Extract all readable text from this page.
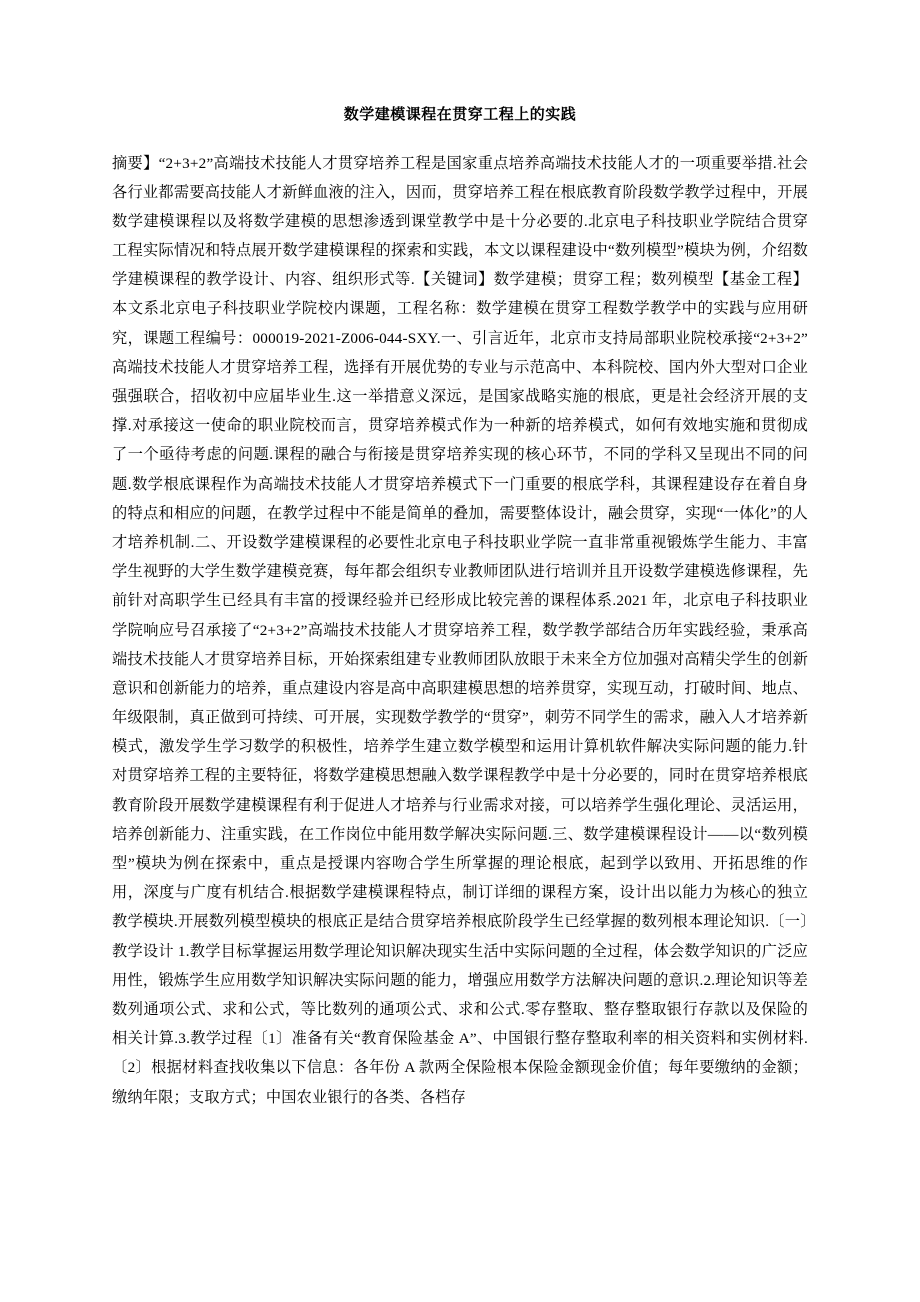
数学建模课程在贯穿工程上的实践

摘要】“2+3+2”高端技术技能人才贯穿培养工程是国家重点培养高端技术技能人才的一项重要举措.社会各行业都需要高技能人才新鲜血液的注入，因而，贯穿培养工程在根底教育阶段数学教学过程中，开展数学建模课程以及将数学建模的思想渗透到课堂教学中是十分必要的.北京电子科技职业学院结合贯穿工程实际情况和特点展开数学建模课程的探索和实践，本文以课程建设中“数列模型”模块为例，介绍数学建模课程的教学设计、内容、组织形式等.【关键词】数学建模；贯穿工程；数列模型【基金工程】本文系北京电子科技职业学院校内课题，工程名称：数学建模在贯穿工程数学教学中的实践与应用研究，课题工程编号：000019-2021-Z006-044-SXY.一、引言近年，北京市支持局部职业院校承接“2+3+2”高端技术技能人才贯穿培养工程，选择有开展优势的专业与示范高中、本科院校、国内外大型对口企业强强联合，招收初中应届毕业生.这一举措意义深远，是国家战略实施的根底，更是社会经济开展的支撑.对承接这一使命的职业院校而言，贯穿培养模式作为一种新的培养模式，如何有效地实施和贯彻成了一个亟待考虑的问题.课程的融合与衔接是贯穿培养实现的核心环节，不同的学科又呈现出不同的问题.数学根底课程作为高端技术技能人才贯穿培养模式下一门重要的根底学科，其课程建设存在着自身的特点和相应的问题，在教学过程中不能是简单的叠加，需要整体设计，融会贯穿，实现“一体化”的人才培养机制.二、开设数学建模课程的必要性北京电子科技职业学院一直非常重视锻炼学生能力、丰富学生视野的大学生数学建模竞赛，每年都会组织专业教师团队进行培训并且开设数学建模选修课程，先前针对高职学生已经具有丰富的授课经验并已经形成比较完善的课程体系.2021 年，北京电子科技职业学院响应号召承接了“2+3+2”高端技术技能人才贯穿培养工程，数学教学部结合历年实践经验，秉承高端技术技能人才贯穿培养目标，开始探索组建专业教师团队放眼于未来全方位加强对高精尖学生的创新意识和创新能力的培养，重点建设内容是高中高职建模思想的培养贯穿，实现互动，打破时间、地点、年级限制，真正做到可持续、可开展，实现数学教学的“贯穿”，刺劳不同学生的需求，融入人才培养新模式，激发学生学习数学的积极性，培养学生建立数学模型和运用计算机软件解决实际问题的能力.针对贯穿培养工程的主要特征，将数学建模思想融入数学课程教学中是十分必要的，同时在贯穿培养根底教育阶段开展数学建模课程有利于促进人才培养与行业需求对接，可以培养学生强化理论、灵活运用，培养创新能力、注重实践，在工作岗位中能用数学解决实际问题.三、数学建模课程设计——以“数列模型”模块为例在探索中，重点是授课内容吻合学生所掌握的理论根底，起到学以致用、开拓思维的作用，深度与广度有机结合.根据数学建模课程特点，制订详细的课程方案，设计出以能力为核心的独立教学模块.开展数列模型模块的根底正是结合贯穿培养根底阶段学生已经掌握的数列根本理论知识.〔一〕教学设计 1.教学目标掌握运用数学理论知识解决现实生活中实际问题的全过程，体会数学知识的广泛应用性，锻炼学生应用数学知识解决实际问题的能力，增强应用数学方法解决问题的意识.2.理论知识等差数列通项公式、求和公式，等比数列的通项公式、求和公式.零存整取、整存整取银行存款以及保险的相关计算.3.教学过程〔1〕准备有关“教育保险基金 A”、中国银行整存整取利率的相关资料和实例材料.〔2〕根据材料查找收集以下信息：各年份 A 款两全保险根本保险金额现金价值；每年要缴纳的金额；缴纳年限；支取方式；中国农业银行的各类、各档存
